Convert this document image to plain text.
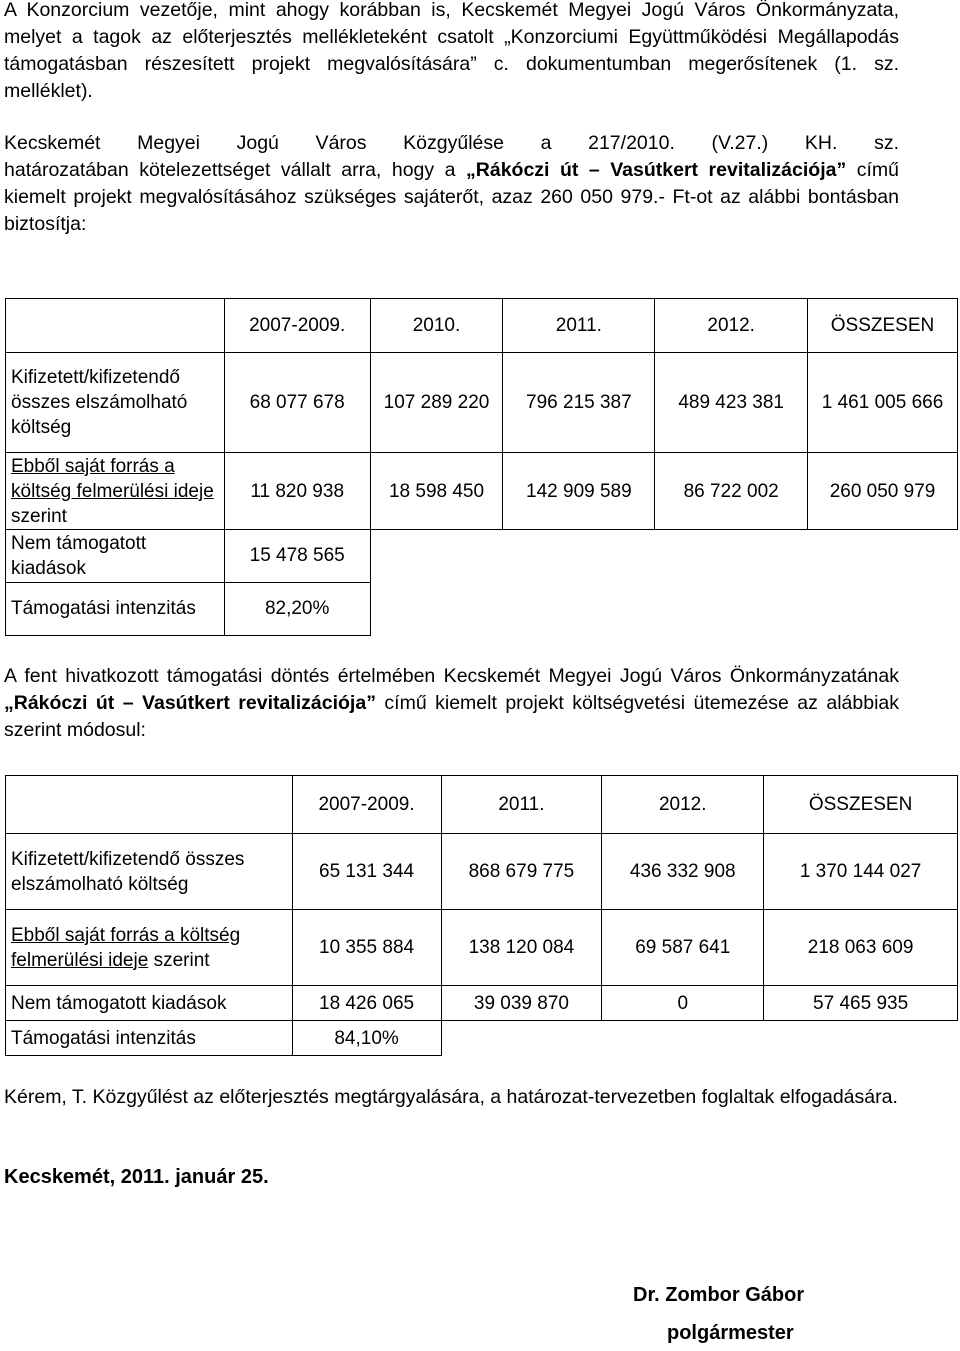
A Konzorcium vezetője, mint ahogy korábban is, Kecskemét Megyei Jogú Város Önkormányzata, melyet a tagok az előterjesztés mellékleteként csatolt „Konzorciumi Együttműködési Megállapodás támogatásban részesített projekt megvalósítására” c. dokumentumban megerősítenek (1. sz. melléklet).

Kecskemét Megyei Jogú Város Közgyűlése a 217/2010. (V.27.) KH. sz.

határozatában kötelezettséget vállalt arra, hogy a „Rákóczi út – Vasútkert revitalizációja” című kiemelt projekt megvalósításához szükséges sajáterőt, azaz 260 050 979.- Ft-ot az alábbi bontásban biztosítja:

	2007-2009.	2010.	2011.	2012.	ÖSSZESEN
Kifizetett/kifizetendő összes elszámolható költség	68 077 678	107 289 220	796 215 387	489 423 381	1 461 005 666
Ebből saját forrás a költség felmerülési ideje szerint	11 820 938	18 598 450	142 909 589	86 722 002	260 050 979
Nem támogatott kiadások	15 478 565				
Támogatási intenzitás	82,20%				

A fent hivatkozott támogatási döntés értelmében Kecskemét Megyei Jogú Város Önkormányzatának „Rákóczi út – Vasútkert revitalizációja” című kiemelt projekt költségvetési ütemezése az alábbiak szerint módosul:

	2007-2009.	2011.	2012.	ÖSSZESEN
Kifizetett/kifizetendő összes elszámolható költség	65 131 344	868 679 775	436 332 908	1 370 144 027
Ebből saját forrás a költség felmerülési ideje szerint	10 355 884	138 120 084	69 587 641	218 063 609
Nem támogatott kiadások	18 426 065	39 039 870	0	57 465 935
Támogatási intenzitás	84,10%			

Kérem, T. Közgyűlést az előterjesztés megtárgyalására, a határozat-tervezetben foglaltak elfogadására.

Kecskemét, 2011. január 25.
Dr. Zombor Gábor
polgármester
